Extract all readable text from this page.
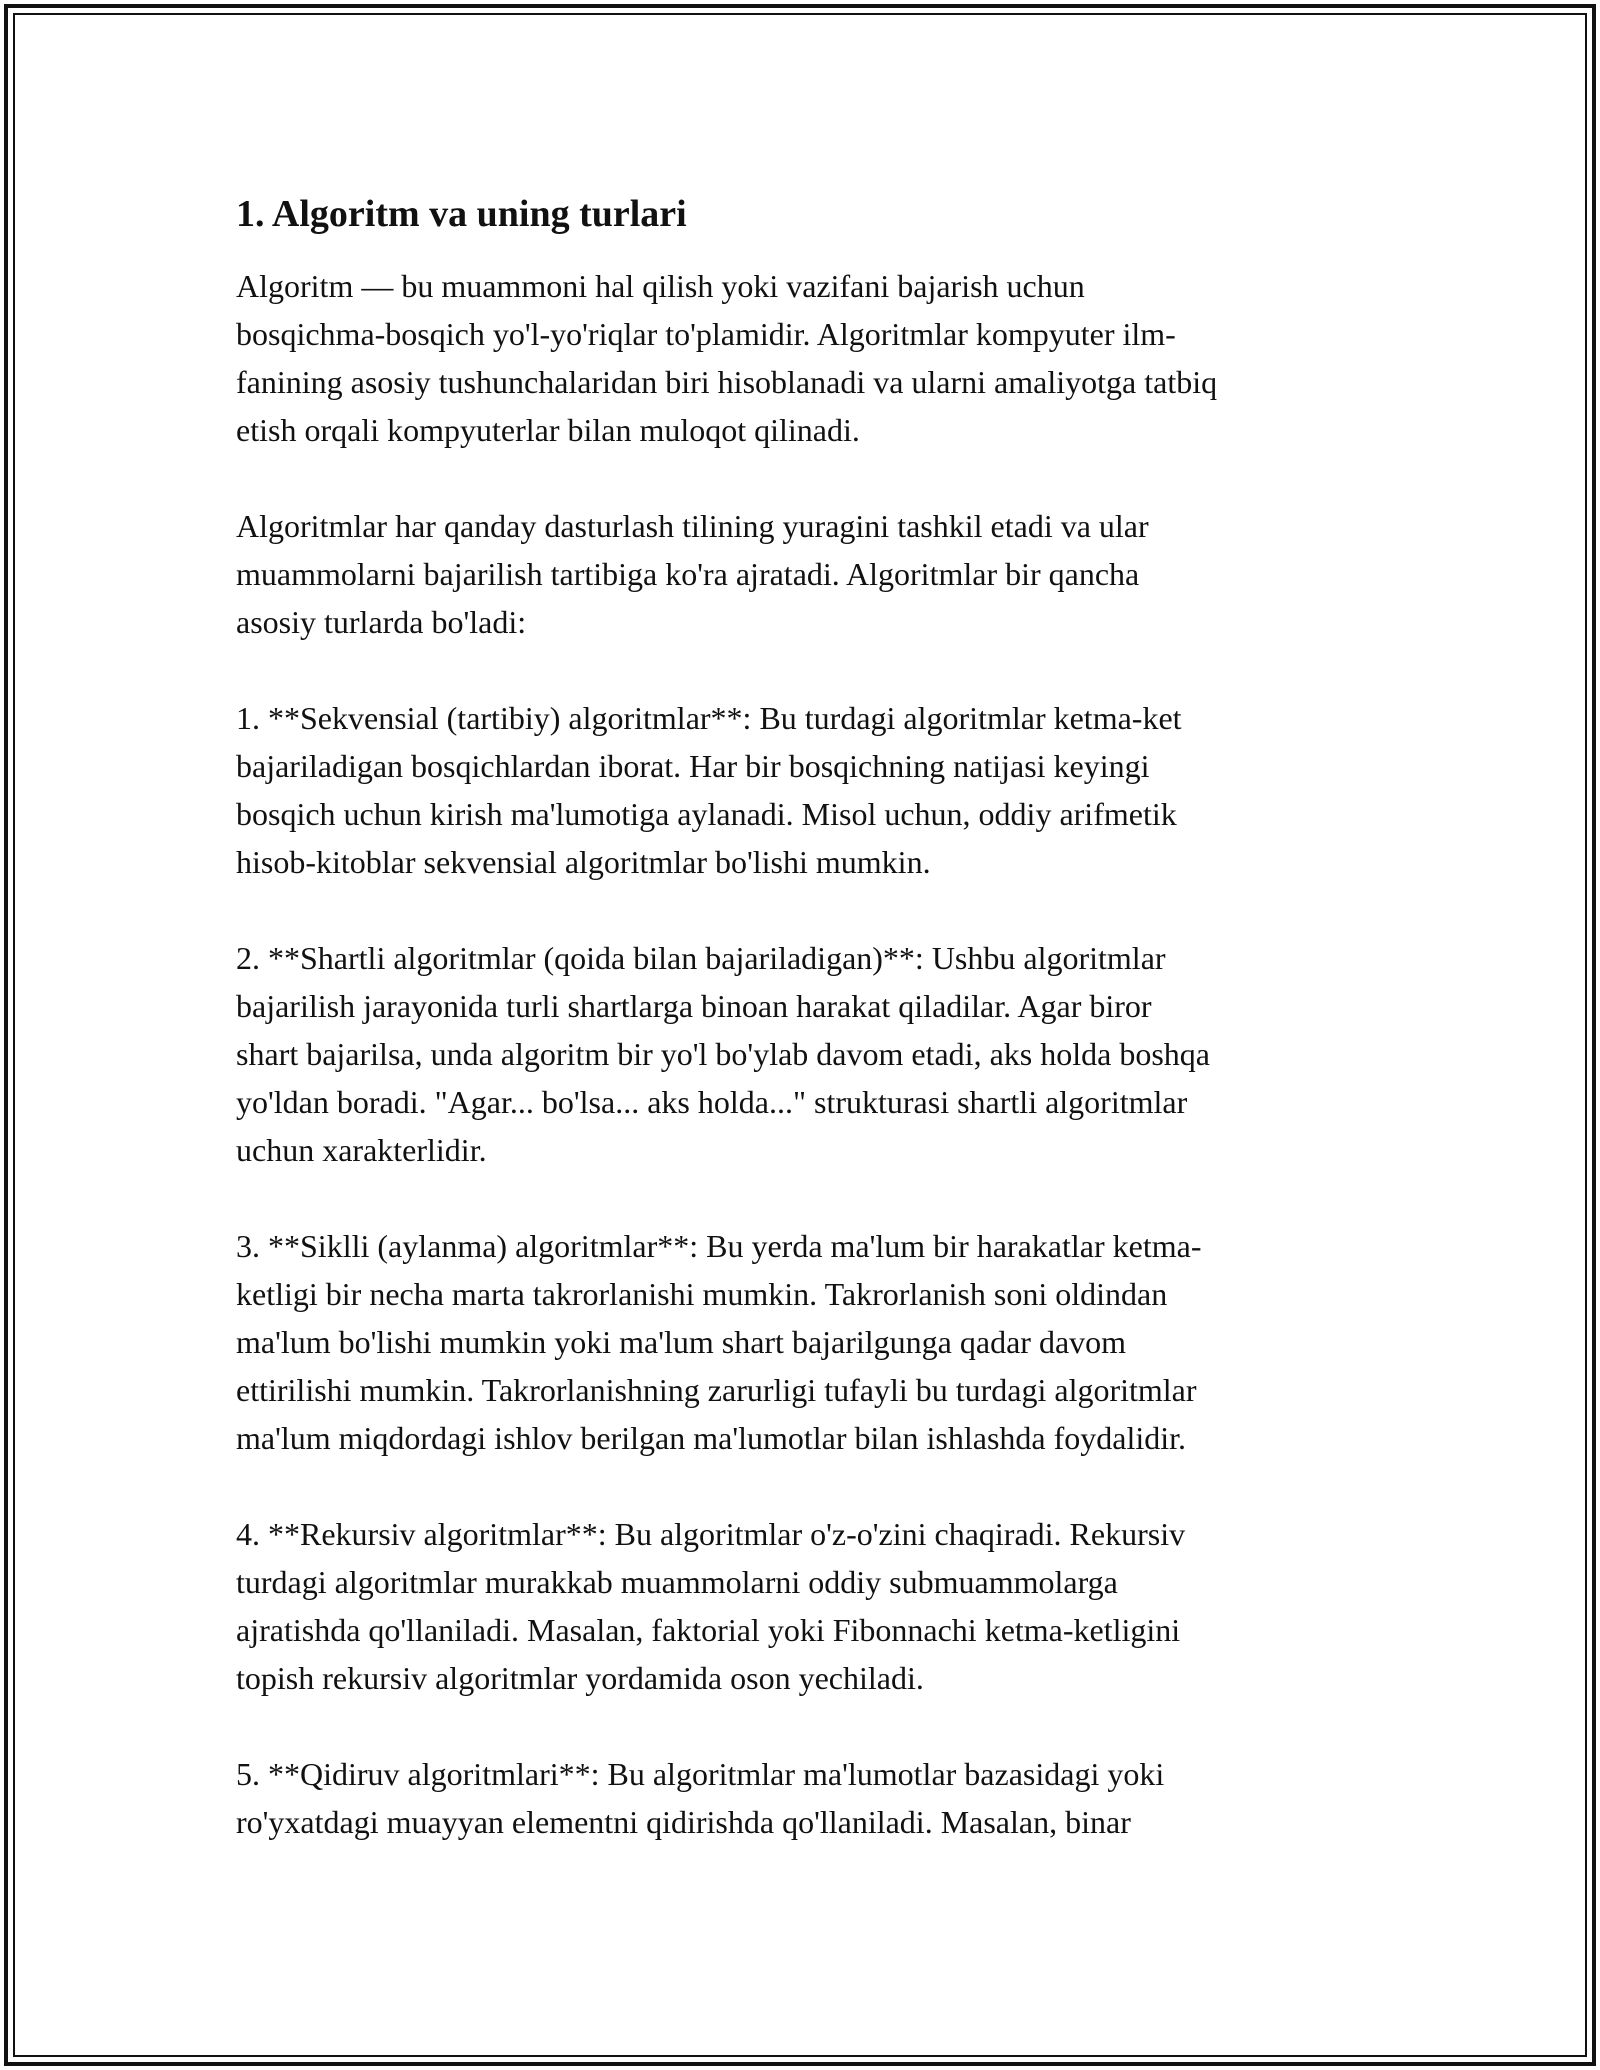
1. Algoritm va uning turlari

Algoritm — bu muammoni hal qilish yoki vazifani bajarish uchun
bosqichma-bosqich yo'l-yo'riqlar to'plamidir. Algoritmlar kompyuter ilm-
fanining asosiy tushunchalaridan biri hisoblanadi va ularni amaliyotga tatbiq
etish orqali kompyuterlar bilan muloqot qilinadi.

Algoritmlar har qanday dasturlash tilining yuragini tashkil etadi va ular
muammolarni bajarilish tartibiga ko'ra ajratadi. Algoritmlar bir qancha
asosiy turlarda bo'ladi:

1. **Sekvensial (tartibiy) algoritmlar**: Bu turdagi algoritmlar ketma-ket
bajariladigan bosqichlardan iborat. Har bir bosqichning natijasi keyingi
bosqich uchun kirish ma'lumotiga aylanadi. Misol uchun, oddiy arifmetik
hisob-kitoblar sekvensial algoritmlar bo'lishi mumkin.

2. **Shartli algoritmlar (qoida bilan bajariladigan)**: Ushbu algoritmlar
bajarilish jarayonida turli shartlarga binoan harakat qiladilar. Agar biror
shart bajarilsa, unda algoritm bir yo'l bo'ylab davom etadi, aks holda boshqa
yo'ldan boradi. "Agar... bo'lsa... aks holda..." strukturasi shartli algoritmlar
uchun xarakterlidir.

3. **Siklli (aylanma) algoritmlar**: Bu yerda ma'lum bir harakatlar ketma-
ketligi bir necha marta takrorlanishi mumkin. Takrorlanish soni oldindan
ma'lum bo'lishi mumkin yoki ma'lum shart bajarilgunga qadar davom
ettirilishi mumkin. Takrorlanishning zarurligi tufayli bu turdagi algoritmlar
ma'lum miqdordagi ishlov berilgan ma'lumotlar bilan ishlashda foydalidir.

4. **Rekursiv algoritmlar**: Bu algoritmlar o'z-o'zini chaqiradi. Rekursiv
turdagi algoritmlar murakkab muammolarni oddiy submuammolarga
ajratishda qo'llaniladi. Masalan, faktorial yoki Fibonnachi ketma-ketligini
topish rekursiv algoritmlar yordamida oson yechiladi.

5. **Qidiruv algoritmlari**: Bu algoritmlar ma'lumotlar bazasidagi yoki
ro'yxatdagi muayyan elementni qidirishda qo'llaniladi. Masalan, binar
